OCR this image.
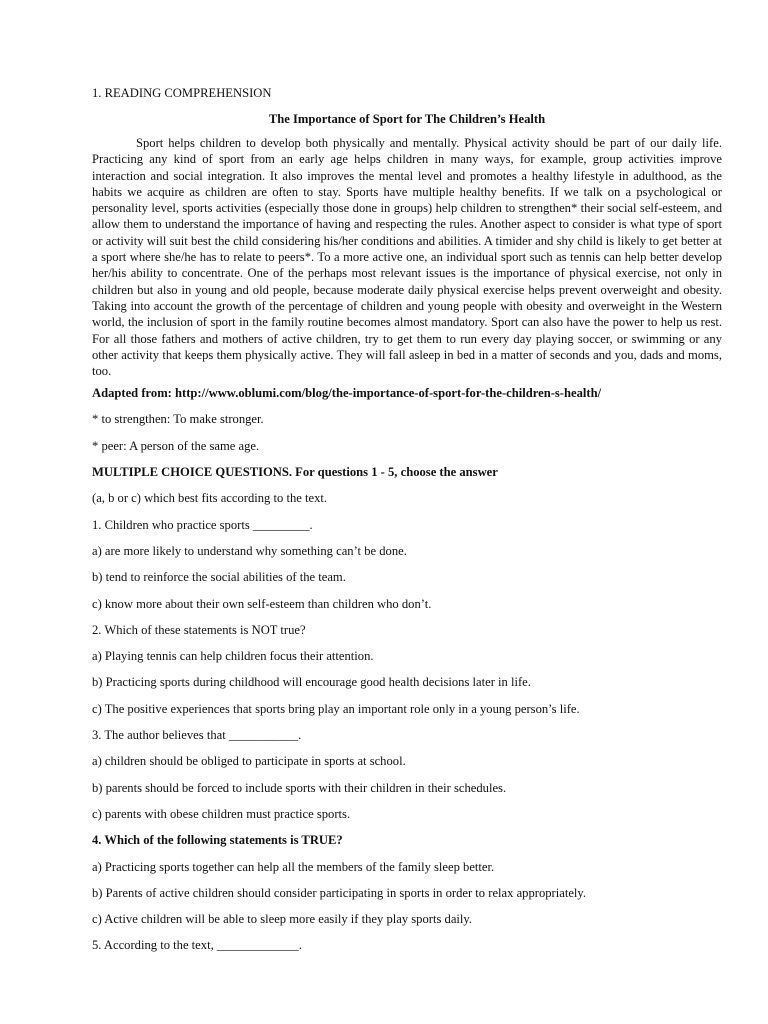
1. READING COMPREHENSION

The Importance of Sport for The Children’s Health

Sport helps children to develop both physically and mentally. Physical activity should be part of our daily life. Practicing any kind of sport from an early age helps children in many ways, for example, group activities improve interaction and social integration. It also improves the mental level and promotes a healthy lifestyle in adulthood, as the habits we acquire as children are often to stay. Sports have multiple healthy benefits. If we talk on a psychological or personality level, sports activities (especially those done in groups) help children to strengthen* their social self-esteem, and allow them to understand the importance of having and respecting the rules. Another aspect to consider is what type of sport or activity will suit best the child considering his/her conditions and abilities. A timider and shy child is likely to get better at a sport where she/he has to relate to peers*. To a more active one, an individual sport such as tennis can help better develop her/his ability to concentrate. One of the perhaps most relevant issues is the importance of physical exercise, not only in children but also in young and old people, because moderate daily physical exercise helps prevent overweight and obesity. Taking into account the growth of the percentage of children and young people with obesity and overweight in the Western world, the inclusion of sport in the family routine becomes almost mandatory. Sport can also have the power to help us rest. For all those fathers and mothers of active children, try to get them to run every day playing soccer, or swimming or any other activity that keeps them physically active. They will fall asleep in bed in a matter of seconds and you, dads and moms, too.

Adapted from: http://www.oblumi.com/blog/the-importance-of-sport-for-the-children-s-health/

* to strengthen: To make stronger.

* peer: A person of the same age.

MULTIPLE CHOICE QUESTIONS. For questions 1 - 5, choose the answer

(a, b or c) which best fits according to the text.

1. Children who practice sports _________.

a) are more likely to understand why something can’t be done.

b) tend to reinforce the social abilities of the team.

c) know more about their own self-esteem than children who don’t.

2. Which of these statements is NOT true?

a) Playing tennis can help children focus their attention.

b) Practicing sports during childhood will encourage good health decisions later in life.

c) The positive experiences that sports bring play an important role only in a young person’s life.

3. The author believes that ___________.

a) children should be obliged to participate in sports at school.

b) parents should be forced to include sports with their children in their schedules.

c) parents with obese children must practice sports.

4. Which of the following statements is TRUE?

a) Practicing sports together can help all the members of the family sleep better.

b) Parents of active children should consider participating in sports in order to relax appropriately.

c) Active children will be able to sleep more easily if they play sports daily.

5. According to the text, _____________.
